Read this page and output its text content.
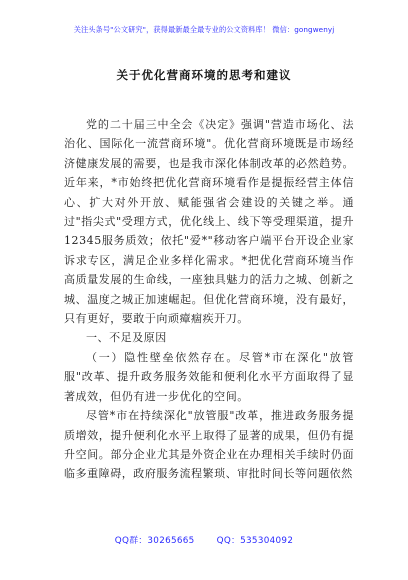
关注头条号"公文研究"，获得最新最全最专业的公文资料库！ 微信：gongwenyj
关于优化营商环境的思考和建议

党的二十届三中全会《决定》强调"营造市场化、法治化、国际化一流营商环境"。优化营商环境既是市场经济健康发展的需要，也是我市深化体制改革的必然趋势。近年来，*市始终把优化营商环境看作是提振经营主体信心、扩大对外开放、赋能强省会建设的关键之举。通过"指尖式"受理方式，优化线上、线下等受理渠道，提升12345服务质效；依托"爱*"移动客户端平台开设企业家诉求专区，满足企业多样化需求。*把优化营商环境当作高质量发展的生命线，一座独具魅力的活力之城、创新之城、温度之城正加速崛起。但优化营商环境，没有最好，只有更好，要敢于向顽瘴痼疾开刀。

一、不足及原因

（一）隐性壁垒依然存在。尽管*市在深化"放管服"改革、提升政务服务效能和便利化水平方面取得了显著成效，但仍有进一步优化的空间。

尽管*市在持续深化"放管服"改革，推进政务服务提质增效，提升便利化水平上取得了显著的成果，但仍有提升空间。部分企业尤其是外资企业在办理相关手续时仍面临多重障碍，政府服务流程繁琐、审批时间长等问题依然

QQ群：30265665	QQ：535304092
